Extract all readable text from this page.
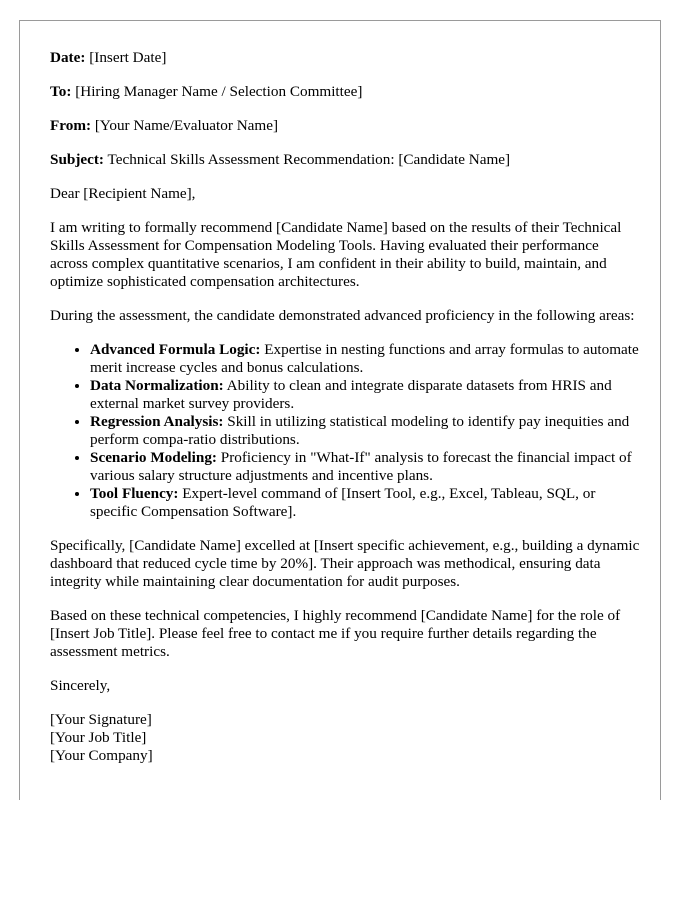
Date: [Insert Date]

To: [Hiring Manager Name / Selection Committee]

From: [Your Name/Evaluator Name]

Subject: Technical Skills Assessment Recommendation: [Candidate Name]

Dear [Recipient Name],

I am writing to formally recommend [Candidate Name] based on the results of their Technical Skills Assessment for Compensation Modeling Tools. Having evaluated their performance across complex quantitative scenarios, I am confident in their ability to build, maintain, and optimize sophisticated compensation architectures.

During the assessment, the candidate demonstrated advanced proficiency in the following areas:

• Advanced Formula Logic: Expertise in nesting functions and array formulas to automate merit increase cycles and bonus calculations.
• Data Normalization: Ability to clean and integrate disparate datasets from HRIS and external market survey providers.
• Regression Analysis: Skill in utilizing statistical modeling to identify pay inequities and perform compa-ratio distributions.
• Scenario Modeling: Proficiency in "What-If" analysis to forecast the financial impact of various salary structure adjustments and incentive plans.
• Tool Fluency: Expert-level command of [Insert Tool, e.g., Excel, Tableau, SQL, or specific Compensation Software].

Specifically, [Candidate Name] excelled at [Insert specific achievement, e.g., building a dynamic dashboard that reduced cycle time by 20%]. Their approach was methodical, ensuring data integrity while maintaining clear documentation for audit purposes.

Based on these technical competencies, I highly recommend [Candidate Name] for the role of [Insert Job Title]. Please feel free to contact me if you require further details regarding the assessment metrics.

Sincerely,

[Your Signature]
[Your Job Title]
[Your Company]
